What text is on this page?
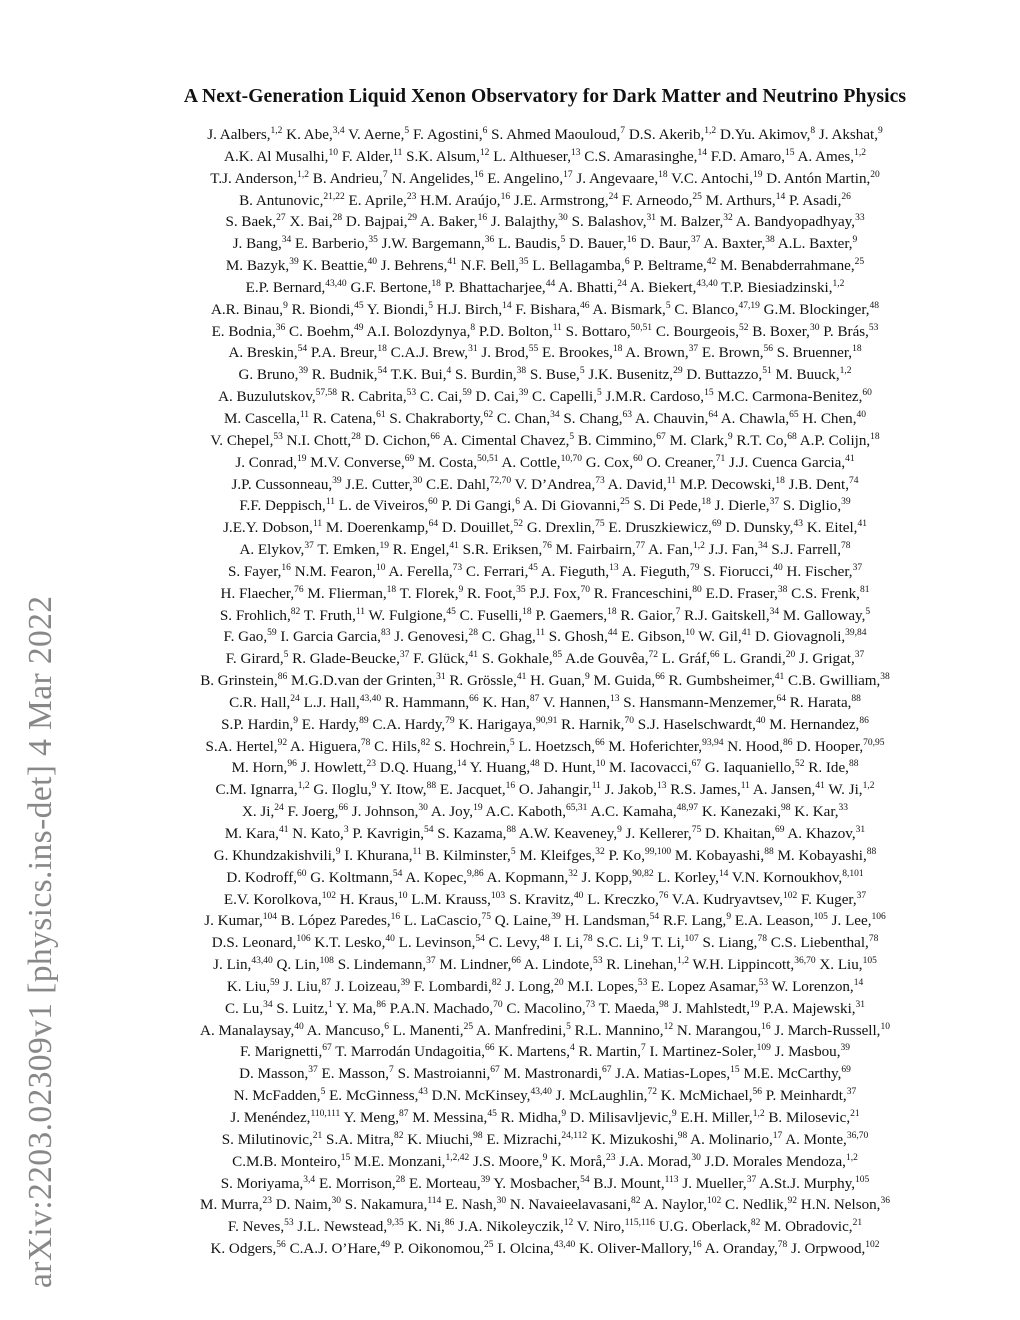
arXiv:2203.02309v1 [physics.ins-det] 4 Mar 2022
A Next-Generation Liquid Xenon Observatory for Dark Matter and Neutrino Physics
J. Aalbers,$^{1,2}$ K. Abe,$^{3,4}$ V. Aerne,$^5$ F. Agostini,$^6$ S. Ahmed Maouloud,$^7$ D.S. Akerib,$^{1,2}$ D.Yu. Akimov,$^8$ J. Akshat,$^9$
A.K. Al Musalhi,$^{10}$ F. Alder,$^{11}$ S.K. Alsum,$^{12}$ L. Althueser,$^{13}$ C.S. Amarasinghe,$^{14}$ F.D. Amaro,$^{15}$ A. Ames,$^{1,2}$
T.J. Anderson,$^{1,2}$ B. Andrieu,$^7$ N. Angelides,$^{16}$ E. Angelino,$^{17}$ J. Angevaare,$^{18}$ V.C. Antochi,$^{19}$ D. Antón Martin,$^{20}$
B. Antunovic,$^{21,22}$ E. Aprile,$^{23}$ H.M. Araújo,$^{16}$ J.E. Armstrong,$^{24}$ F. Arneodo,$^{25}$ M. Arthurs,$^{14}$ P. Asadi,$^{26}$
S. Baek,$^{27}$ X. Bai,$^{28}$ D. Bajpai,$^{29}$ A. Baker,$^{16}$ J. Balajthy,$^{30}$ S. Balashov,$^{31}$ M. Balzer,$^{32}$ A. Bandyopadhyay,$^{33}$
J. Bang,$^{34}$ E. Barberio,$^{35}$ J.W. Bargemann,$^{36}$ L. Baudis,$^5$ D. Bauer,$^{16}$ D. Baur,$^{37}$ A. Baxter,$^{38}$ A.L. Baxter,$^9$
M. Bazyk,$^{39}$ K. Beattie,$^{40}$ J. Behrens,$^{41}$ N.F. Bell,$^{35}$ L. Bellagamba,$^6$ P. Beltrame,$^{42}$ M. Benabderrahmane,$^{25}$
E.P. Bernard,$^{43,40}$ G.F. Bertone,$^{18}$ P. Bhattacharjee,$^{44}$ A. Bhatti,$^{24}$ A. Biekert,$^{43,40}$ T.P. Biesiadzinski,$^{1,2}$
A.R. Binau,$^9$ R. Biondi,$^{45}$ Y. Biondi,$^5$ H.J. Birch,$^{14}$ F. Bishara,$^{46}$ A. Bismark,$^5$ C. Blanco,$^{47,19}$ G.M. Blockinger,$^{48}$
E. Bodnia,$^{36}$ C. Boehm,$^{49}$ A.I. Bolozdynya,$^8$ P.D. Bolton,$^{11}$ S. Bottaro,$^{50,51}$ C. Bourgeois,$^{52}$ B. Boxer,$^{30}$ P. Brás,$^{53}$
A. Breskin,$^{54}$ P.A. Breur,$^{18}$ C.A.J. Brew,$^{31}$ J. Brod,$^{55}$ E. Brookes,$^{18}$ A. Brown,$^{37}$ E. Brown,$^{56}$ S. Bruenner,$^{18}$
G. Bruno,$^{39}$ R. Budnik,$^{54}$ T.K. Bui,$^4$ S. Burdin,$^{38}$ S. Buse,$^5$ J.K. Busenitz,$^{29}$ D. Buttazzo,$^{51}$ M. Buuck,$^{1,2}$
A. Buzulutskov,$^{57,58}$ R. Cabrita,$^{53}$ C. Cai,$^{59}$ D. Cai,$^{39}$ C. Capelli,$^5$ J.M.R. Cardoso,$^{15}$ M.C. Carmona-Benitez,$^{60}$
M. Cascella,$^{11}$ R. Catena,$^{61}$ S. Chakraborty,$^{62}$ C. Chan,$^{34}$ S. Chang,$^{63}$ A. Chauvin,$^{64}$ A. Chawla,$^{65}$ H. Chen,$^{40}$
V. Chepel,$^{53}$ N.I. Chott,$^{28}$ D. Cichon,$^{66}$ A. Cimental Chavez,$^5$ B. Cimmino,$^{67}$ M. Clark,$^9$ R.T. Co,$^{68}$ A.P. Colijn,$^{18}$
J. Conrad,$^{19}$ M.V. Converse,$^{69}$ M. Costa,$^{50,51}$ A. Cottle,$^{10,70}$ G. Cox,$^{60}$ O. Creaner,$^{71}$ J.J. Cuenca Garcia,$^{41}$
J.P. Cussonneau,$^{39}$ J.E. Cutter,$^{30}$ C.E. Dahl,$^{72,70}$ V. D’Andrea,$^{73}$ A. David,$^{11}$ M.P. Decowski,$^{18}$ J.B. Dent,$^{74}$
F.F. Deppisch,$^{11}$ L. de Viveiros,$^{60}$ P. Di Gangi,$^6$ A. Di Giovanni,$^{25}$ S. Di Pede,$^{18}$ J. Dierle,$^{37}$ S. Diglio,$^{39}$
J.E.Y. Dobson,$^{11}$ M. Doerenkamp,$^{64}$ D. Douillet,$^{52}$ G. Drexlin,$^{75}$ E. Druszkiewicz,$^{69}$ D. Dunsky,$^{43}$ K. Eitel,$^{41}$
A. Elykov,$^{37}$ T. Emken,$^{19}$ R. Engel,$^{41}$ S.R. Eriksen,$^{76}$ M. Fairbairn,$^{77}$ A. Fan,$^{1,2}$ J.J. Fan,$^{34}$ S.J. Farrell,$^{78}$
S. Fayer,$^{16}$ N.M. Fearon,$^{10}$ A. Ferella,$^{73}$ C. Ferrari,$^{45}$ A. Fieguth,$^{13}$ A. Fieguth,$^{79}$ S. Fiorucci,$^{40}$ H. Fischer,$^{37}$
H. Flaecher,$^{76}$ M. Flierman,$^{18}$ T. Florek,$^9$ R. Foot,$^{35}$ P.J. Fox,$^{70}$ R. Franceschini,$^{80}$ E.D. Fraser,$^{38}$ C.S. Frenk,$^{81}$
S. Frohlich,$^{82}$ T. Fruth,$^{11}$ W. Fulgione,$^{45}$ C. Fuselli,$^{18}$ P. Gaemers,$^{18}$ R. Gaior,$^7$ R.J. Gaitskell,$^{34}$ M. Galloway,$^5$
F. Gao,$^{59}$ I. Garcia Garcia,$^{83}$ J. Genovesi,$^{28}$ C. Ghag,$^{11}$ S. Ghosh,$^{44}$ E. Gibson,$^{10}$ W. Gil,$^{41}$ D. Giovagnoli,$^{39,84}$
F. Girard,$^5$ R. Glade-Beucke,$^{37}$ F. Glück,$^{41}$ S. Gokhale,$^{85}$ A.de Gouvêa,$^{72}$ L. Gráf,$^{66}$ L. Grandi,$^{20}$ J. Grigat,$^{37}$
B. Grinstein,$^{86}$ M.G.D.van der Grinten,$^{31}$ R. Grössle,$^{41}$ H. Guan,$^9$ M. Guida,$^{66}$ R. Gumbsheimer,$^{41}$ C.B. Gwilliam,$^{38}$
C.R. Hall,$^{24}$ L.J. Hall,$^{43,40}$ R. Hammann,$^{66}$ K. Han,$^{87}$ V. Hannen,$^{13}$ S. Hansmann-Menzemer,$^{64}$ R. Harata,$^{88}$
S.P. Hardin,$^9$ E. Hardy,$^{89}$ C.A. Hardy,$^{79}$ K. Harigaya,$^{90,91}$ R. Harnik,$^{70}$ S.J. Haselschwardt,$^{40}$ M. Hernandez,$^{86}$
S.A. Hertel,$^{92}$ A. Higuera,$^{78}$ C. Hils,$^{82}$ S. Hochrein,$^5$ L. Hoetzsch,$^{66}$ M. Hoferichter,$^{93,94}$ N. Hood,$^{86}$ D. Hooper,$^{70,95}$
M. Horn,$^{96}$ J. Howlett,$^{23}$ D.Q. Huang,$^{14}$ Y. Huang,$^{48}$ D. Hunt,$^{10}$ M. Iacovacci,$^{67}$ G. Iaquaniello,$^{52}$ R. Ide,$^{88}$
C.M. Ignarra,$^{1,2}$ G. Iloglu,$^9$ Y. Itow,$^{88}$ E. Jacquet,$^{16}$ O. Jahangir,$^{11}$ J. Jakob,$^{13}$ R.S. James,$^{11}$ A. Jansen,$^{41}$ W. Ji,$^{1,2}$
X. Ji,$^{24}$ F. Joerg,$^{66}$ J. Johnson,$^{30}$ A. Joy,$^{19}$ A.C. Kaboth,$^{65,31}$ A.C. Kamaha,$^{48,97}$ K. Kanezaki,$^{98}$ K. Kar,$^{33}$
M. Kara,$^{41}$ N. Kato,$^3$ P. Kavrigin,$^{54}$ S. Kazama,$^{88}$ A.W. Keaveney,$^9$ J. Kellerer,$^{75}$ D. Khaitan,$^{69}$ A. Khazov,$^{31}$
G. Khundzakishvili,$^9$ I. Khurana,$^{11}$ B. Kilminster,$^5$ M. Kleifges,$^{32}$ P. Ko,$^{99,100}$ M. Kobayashi,$^{88}$ M. Kobayashi,$^{88}$
D. Kodroff,$^{60}$ G. Koltmann,$^{54}$ A. Kopec,$^{9,86}$ A. Kopmann,$^{32}$ J. Kopp,$^{90,82}$ L. Korley,$^{14}$ V.N. Kornoukhov,$^{8,101}$
E.V. Korolkova,$^{102}$ H. Kraus,$^{10}$ L.M. Krauss,$^{103}$ S. Kravitz,$^{40}$ L. Kreczko,$^{76}$ V.A. Kudryavtsev,$^{102}$ F. Kuger,$^{37}$
J. Kumar,$^{104}$ B. López Paredes,$^{16}$ L. LaCascio,$^{75}$ Q. Laine,$^{39}$ H. Landsman,$^{54}$ R.F. Lang,$^9$ E.A. Leason,$^{105}$ J. Lee,$^{106}$
D.S. Leonard,$^{106}$ K.T. Lesko,$^{40}$ L. Levinson,$^{54}$ C. Levy,$^{48}$ I. Li,$^{78}$ S.C. Li,$^9$ T. Li,$^{107}$ S. Liang,$^{78}$ C.S. Liebenthal,$^{78}$
J. Lin,$^{43,40}$ Q. Lin,$^{108}$ S. Lindemann,$^{37}$ M. Lindner,$^{66}$ A. Lindote,$^{53}$ R. Linehan,$^{1,2}$ W.H. Lippincott,$^{36,70}$ X. Liu,$^{105}$
K. Liu,$^{59}$ J. Liu,$^{87}$ J. Loizeau,$^{39}$ F. Lombardi,$^{82}$ J. Long,$^{20}$ M.I. Lopes,$^{53}$ E. Lopez Asamar,$^{53}$ W. Lorenzon,$^{14}$
C. Lu,$^{34}$ S. Luitz,$^1$ Y. Ma,$^{86}$ P.A.N. Machado,$^{70}$ C. Macolino,$^{73}$ T. Maeda,$^{98}$ J. Mahlstedt,$^{19}$ P.A. Majewski,$^{31}$
A. Manalaysay,$^{40}$ A. Mancuso,$^6$ L. Manenti,$^{25}$ A. Manfredini,$^5$ R.L. Mannino,$^{12}$ N. Marangou,$^{16}$ J. March-Russell,$^{10}$
F. Marignetti,$^{67}$ T. Marrodán Undagoitia,$^{66}$ K. Martens,$^4$ R. Martin,$^7$ I. Martinez-Soler,$^{109}$ J. Masbou,$^{39}$
D. Masson,$^{37}$ E. Masson,$^7$ S. Mastroianni,$^{67}$ M. Mastronardi,$^{67}$ J.A. Matias-Lopes,$^{15}$ M.E. McCarthy,$^{69}$
N. McFadden,$^5$ E. McGinness,$^{43}$ D.N. McKinsey,$^{43,40}$ J. McLaughlin,$^{72}$ K. McMichael,$^{56}$ P. Meinhardt,$^{37}$
J. Menéndez,$^{110,111}$ Y. Meng,$^{87}$ M. Messina,$^{45}$ R. Midha,$^9$ D. Milisavljevic,$^9$ E.H. Miller,$^{1,2}$ B. Milosevic,$^{21}$
S. Milutinovic,$^{21}$ S.A. Mitra,$^{82}$ K. Miuchi,$^{98}$ E. Mizrachi,$^{24,112}$ K. Mizukoshi,$^{98}$ A. Molinario,$^{17}$ A. Monte,$^{36,70}$
C.M.B. Monteiro,$^{15}$ M.E. Monzani,$^{1,2,42}$ J.S. Moore,$^9$ K. Morå,$^{23}$ J.A. Morad,$^{30}$ J.D. Morales Mendoza,$^{1,2}$
S. Moriyama,$^{3,4}$ E. Morrison,$^{28}$ E. Morteau,$^{39}$ Y. Mosbacher,$^{54}$ B.J. Mount,$^{113}$ J. Mueller,$^{37}$ A.St.J. Murphy,$^{105}$
M. Murra,$^{23}$ D. Naim,$^{30}$ S. Nakamura,$^{114}$ E. Nash,$^{30}$ N. Navaieelavasani,$^{82}$ A. Naylor,$^{102}$ C. Nedlik,$^{92}$ H.N. Nelson,$^{36}$
F. Neves,$^{53}$ J.L. Newstead,$^{9,35}$ K. Ni,$^{86}$ J.A. Nikoleyczik,$^{12}$ V. Niro,$^{115,116}$ U.G. Oberlack,$^{82}$ M. Obradovic,$^{21}$
K. Odgers,$^{56}$ C.A.J. O’Hare,$^{49}$ P. Oikonomou,$^{25}$ I. Olcina,$^{43,40}$ K. Oliver-Mallory,$^{16}$ A. Oranday,$^{78}$ J. Orpwood,$^{102}$
